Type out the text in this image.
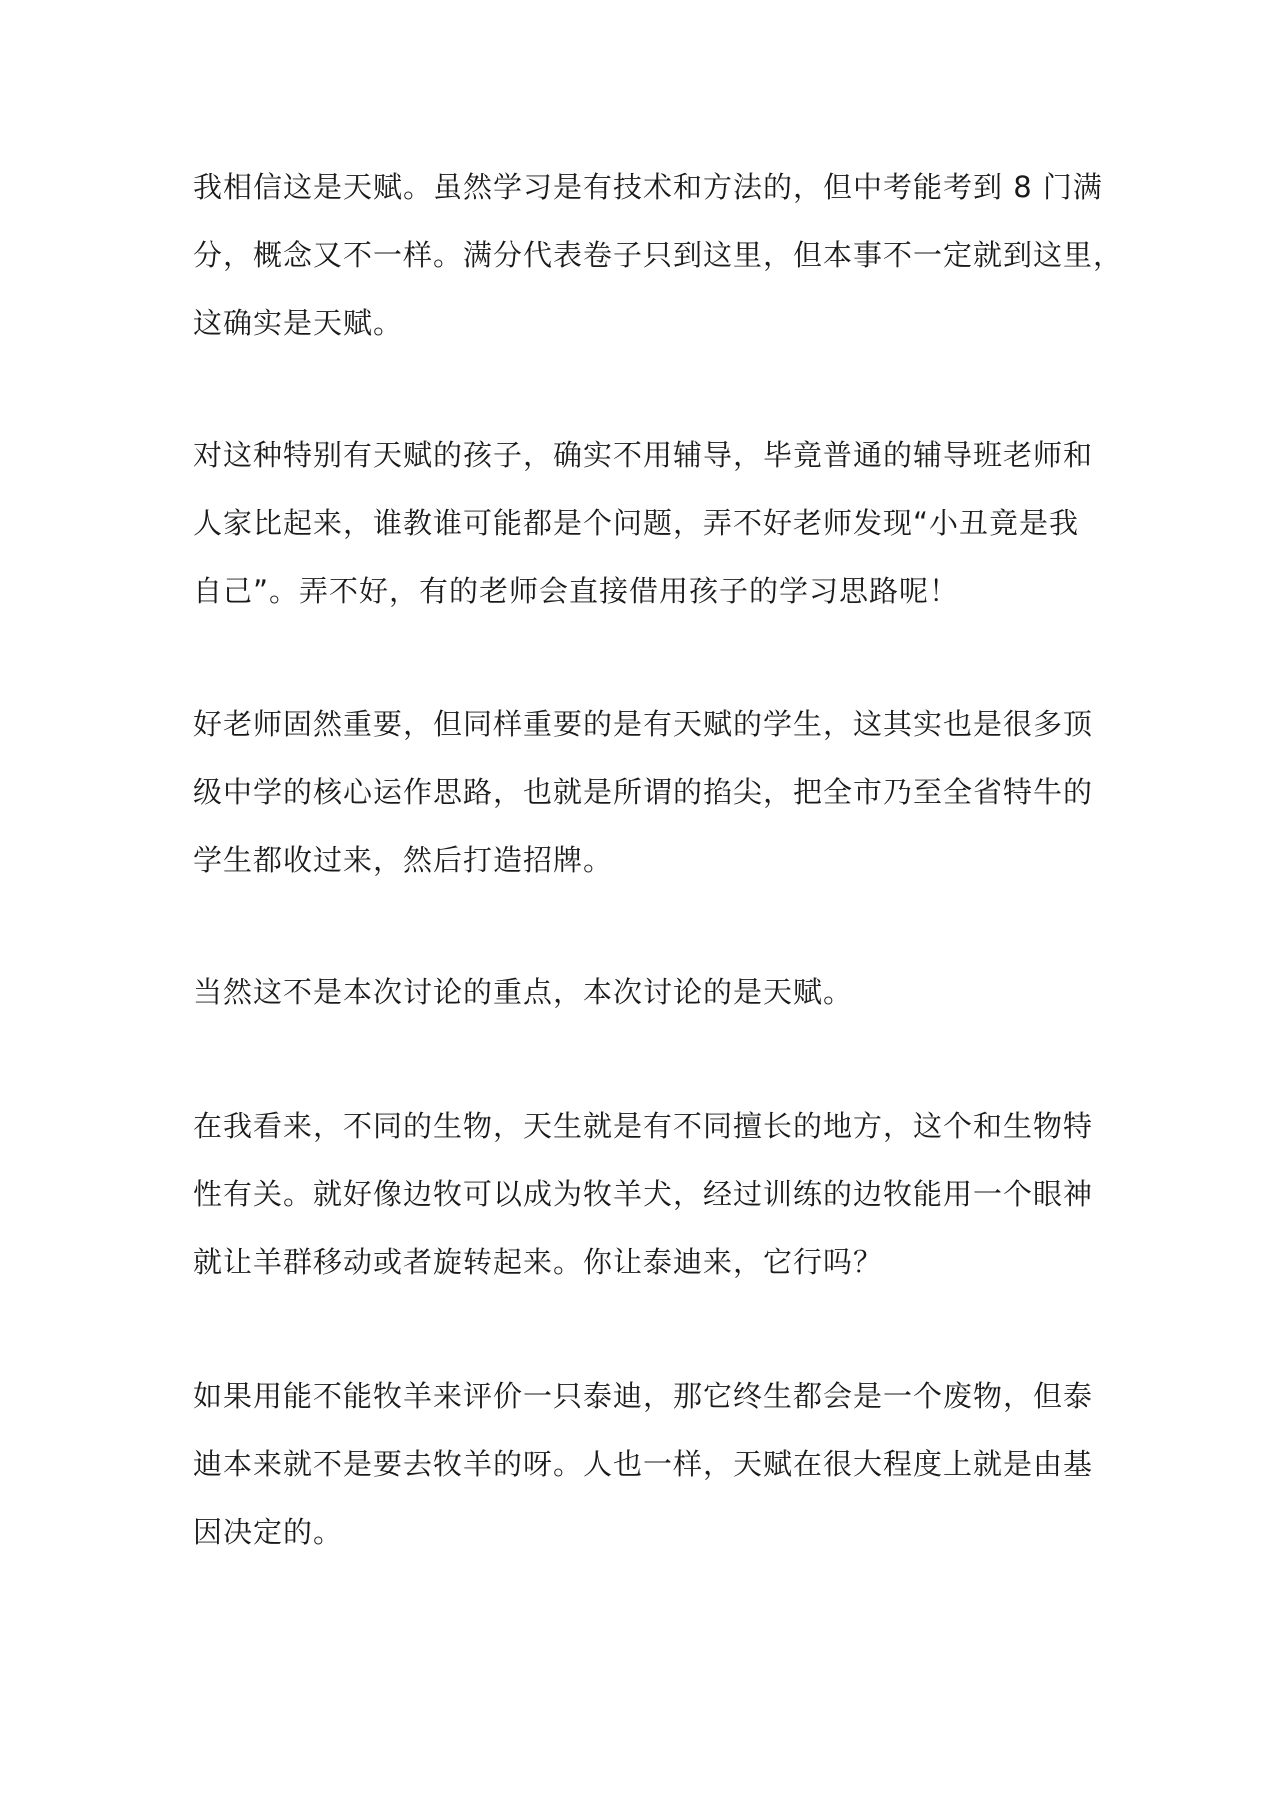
我相信这是天赋。虽然学习是有技术和方法的，但中考能考到 8 门满
分，概念又不一样。满分代表卷子只到这里，但本事不一定就到这里，
这确实是天赋。
对这种特别有天赋的孩子，确实不用辅导，毕竟普通的辅导班老师和
人家比起来，谁教谁可能都是个问题，弄不好老师发现“小丑竟是我
自己”。弄不好，有的老师会直接借用孩子的学习思路呢！
好老师固然重要，但同样重要的是有天赋的学生，这其实也是很多顶
级中学的核心运作思路，也就是所谓的掐尖，把全市乃至全省特牛的
学生都收过来，然后打造招牌。
当然这不是本次讨论的重点，本次讨论的是天赋。
在我看来，不同的生物，天生就是有不同擅长的地方，这个和生物特
性有关。就好像边牧可以成为牧羊犬，经过训练的边牧能用一个眼神
就让羊群移动或者旋转起来。你让泰迪来，它行吗？
如果用能不能牧羊来评价一只泰迪，那它终生都会是一个废物，但泰
迪本来就不是要去牧羊的呀。人也一样，天赋在很大程度上就是由基
因决定的。
